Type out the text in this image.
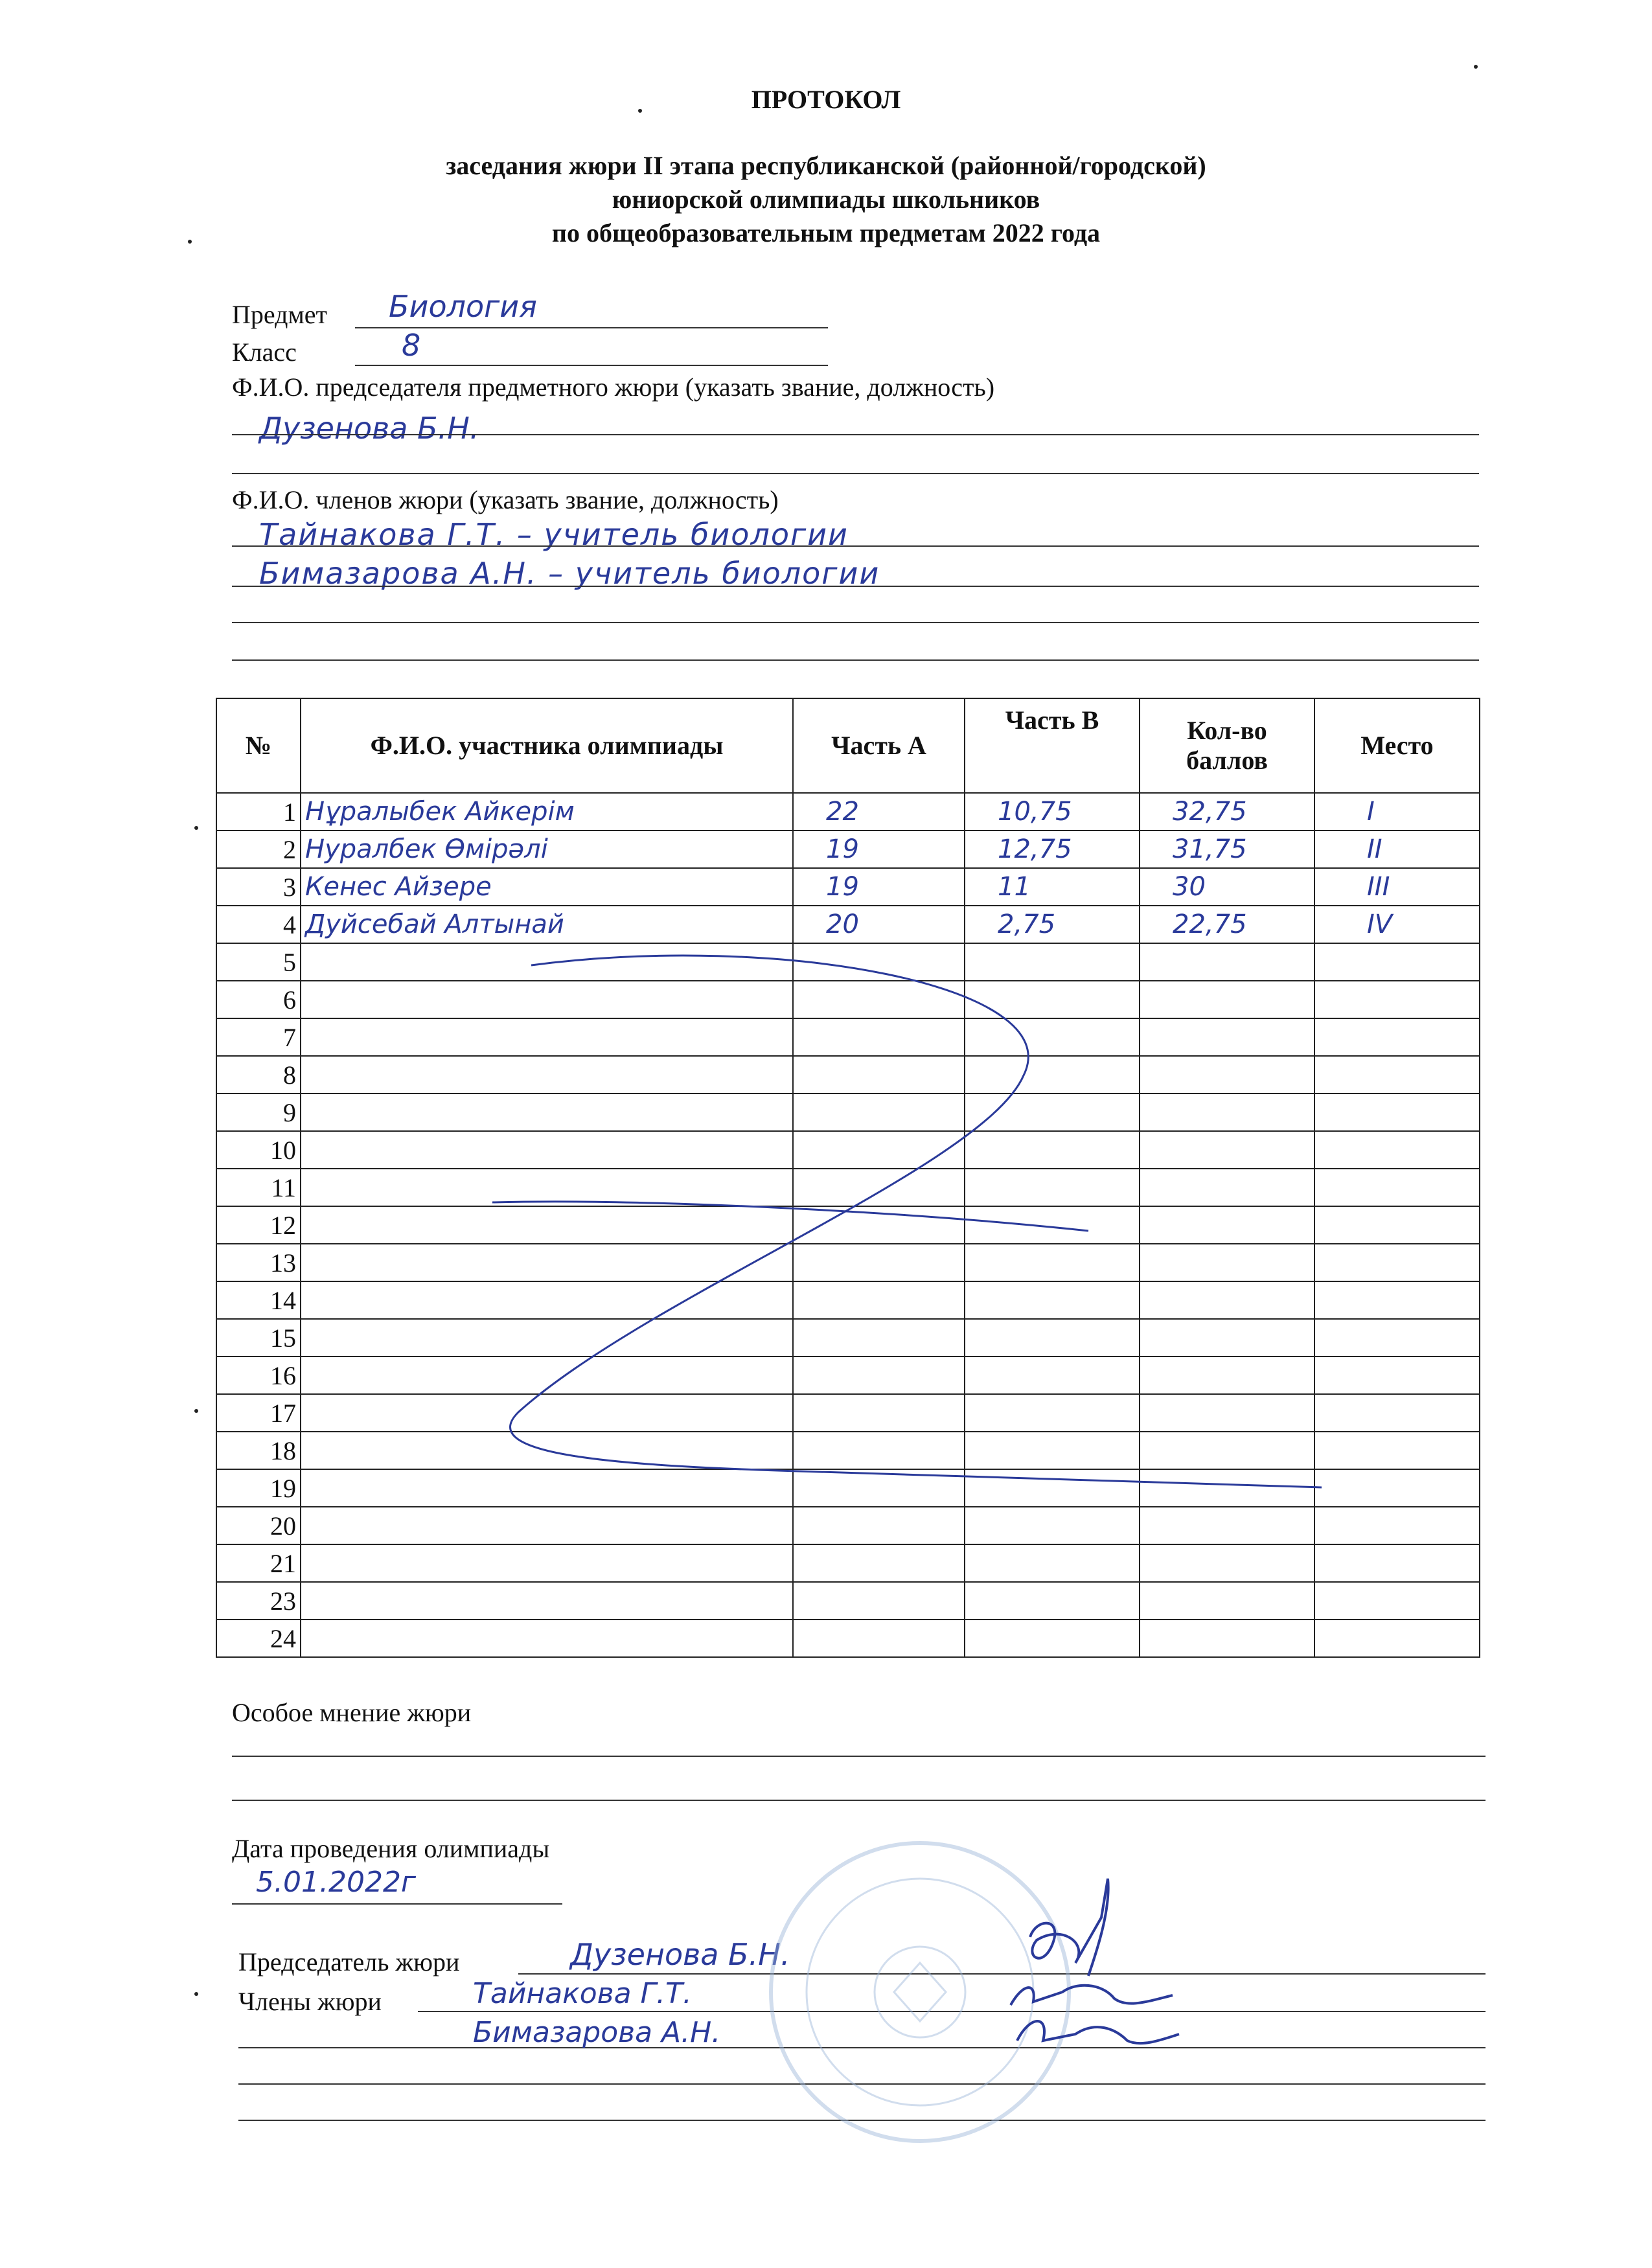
ПРОТОКОЛ
заседания жюри II этапа республиканской (районной/городской)
юниорской олимпиады школьников
по общеобразовательным предметам 2022 года
Предмет Биология
Класс	8
Ф.И.О. председателя предметного жюри (указать звание, должность)
Дузенова Б.Н.
Ф.И.О. членов жюри (указать звание, должность)
Тайнакова Г.Т. – учитель биологии
Бимазарова А.Н. – учитель биологии
№	Ф.И.О. участника олимпиады	Часть А	Часть В	Кол-во баллов	Место
1	Нұралыбек Айкерім	22	10,75	32,75	I
2	Нуралбек Өмірәлі	19	12,75	31,75	II
3	Кенес Айзере	19	11	30	III
4	Дуйсебай Алтынай	20	2,75	22,75	IV
5					
6					
7					
8					
9					
10					
11					
12					
13					
14					
15					
16					
17					
18					
19					
20					
21					
23					
24					
Особое мнение жюри
Дата проведения олимпиады
5.01.2022г
Председатель жюри	Дузенова Б.Н.
Члены жюри	Тайнакова Г.Т.
Бимазарова А.Н.
